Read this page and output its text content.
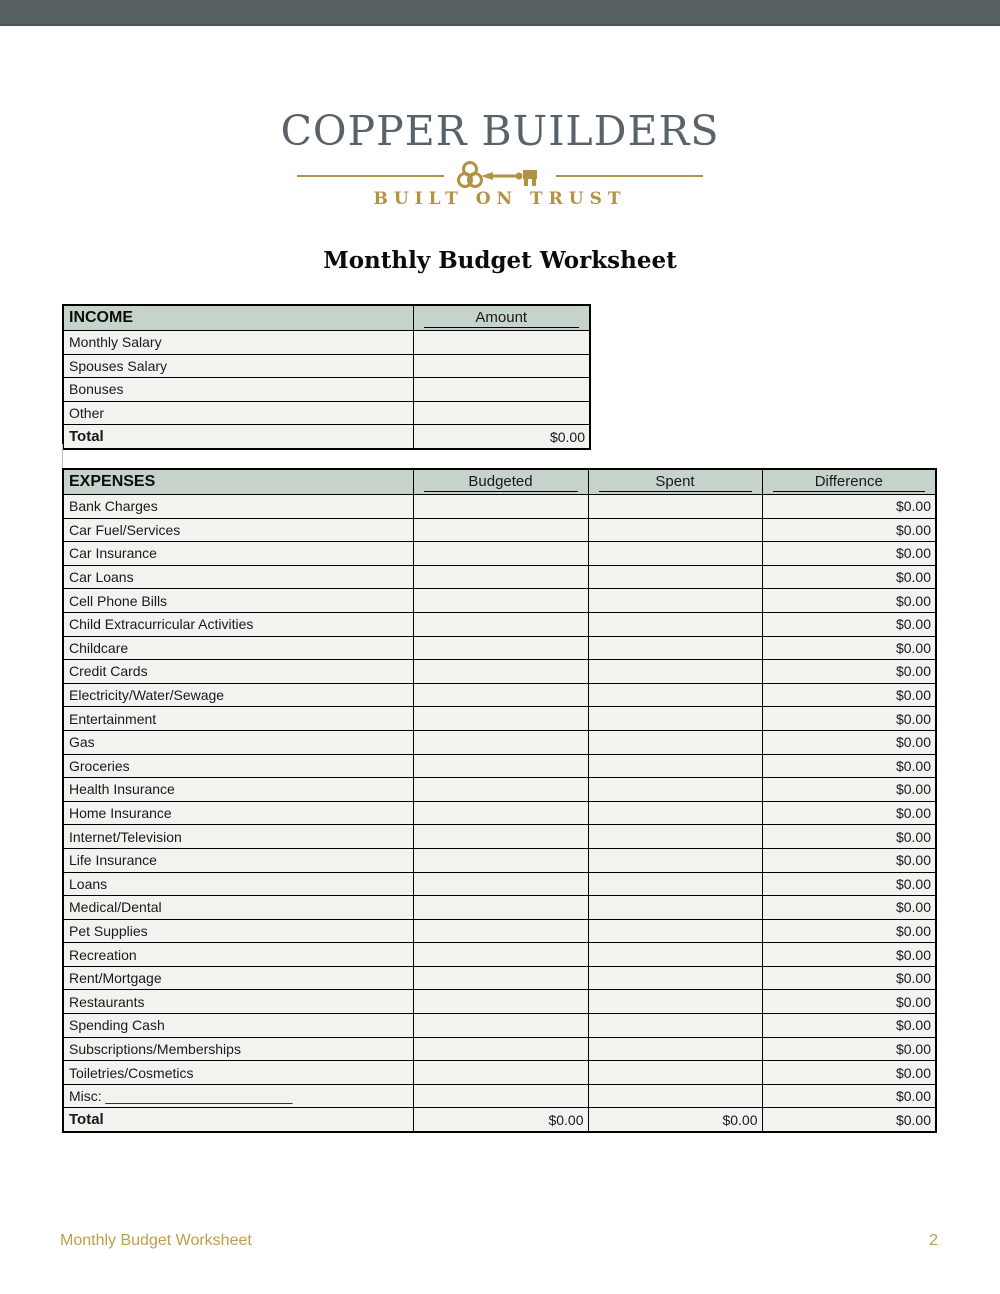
COPPER BUILDERS
BUILT ON TRUST
Monthly Budget Worksheet
INCOME	Amount

Monthly Salary	
Spouses Salary	
Bonuses	
Other	
Total	$0.00
EXPENSES	Budgeted	Spent	Difference

Bank Charges			$0.00
Car Fuel/Services			$0.00
Car Insurance			$0.00
Car Loans			$0.00
Cell Phone Bills			$0.00
Child Extracurricular Activities			$0.00
Childcare			$0.00
Credit Cards			$0.00
Electricity/Water/Sewage			$0.00
Entertainment			$0.00
Gas			$0.00
Groceries			$0.00
Health Insurance			$0.00
Home Insurance			$0.00
Internet/Television			$0.00
Life Insurance			$0.00
Loans			$0.00
Medical/Dental			$0.00
Pet Supplies			$0.00
Recreation			$0.00
Rent/Mortgage			$0.00
Restaurants			$0.00
Spending Cash			$0.00
Subscriptions/Memberships			$0.00
Toiletries/Cosmetics			$0.00
Misc: ________________________			$0.00
Total	$0.00	$0.00	$0.00
Monthly Budget Worksheet	2
